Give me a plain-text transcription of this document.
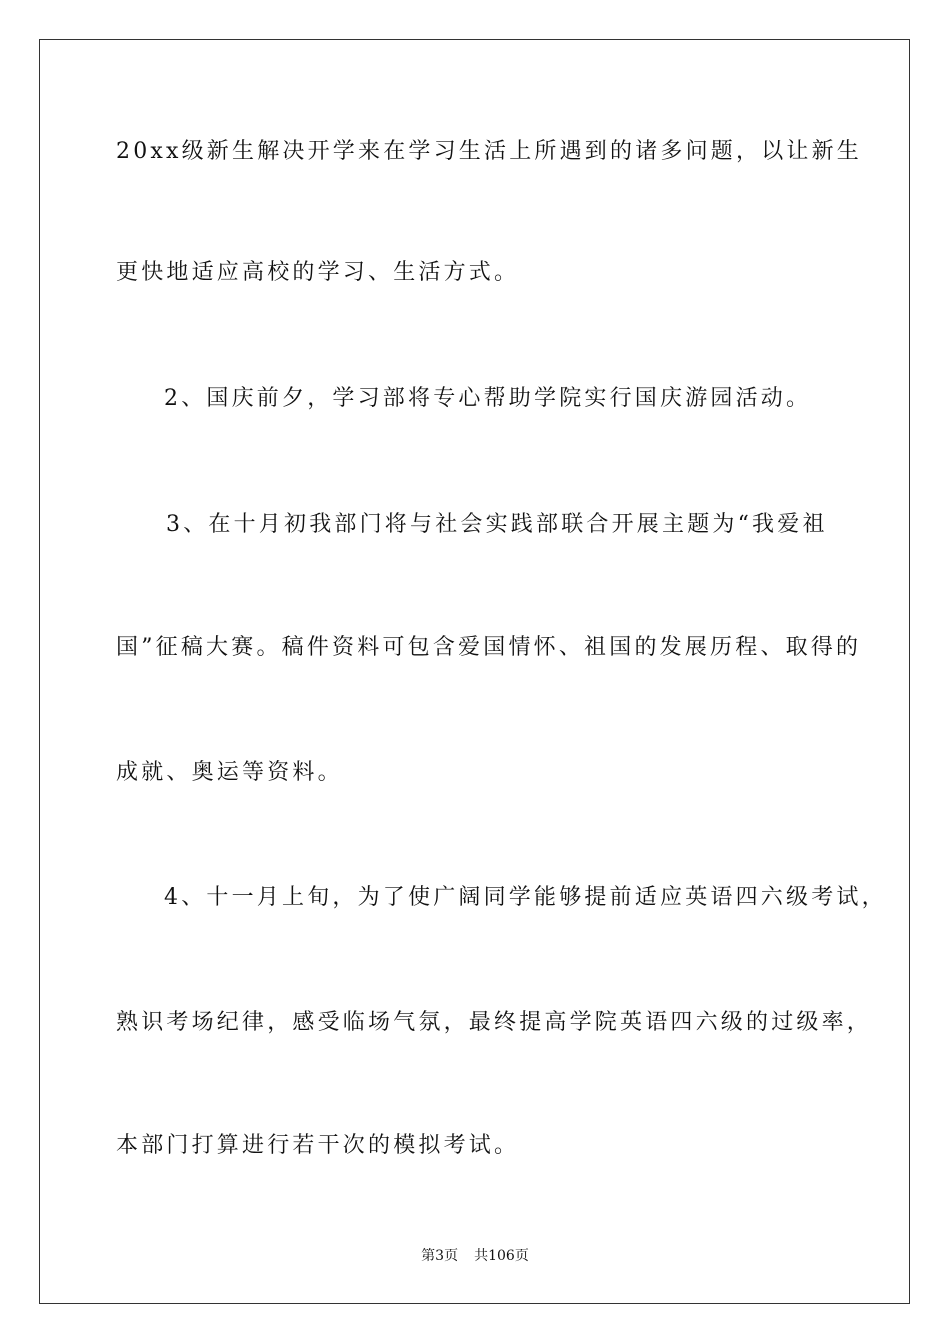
20xx级新生解决开学来在学习生活上所遇到的诸多问题，以让新生
更快地适应高校的学习、生活方式。
2、国庆前夕，学习部将专心帮助学院实行国庆游园活动。
3、在十月初我部门将与社会实践部联合开展主题为“我爱祖
国”征稿大赛。稿件资料可包含爱国情怀、祖国的发展历程、取得的
成就、奥运等资料。
4、十一月上旬，为了使广阔同学能够提前适应英语四六级考试，
熟识考场纪律，感受临场气氛，最终提高学院英语四六级的过级率，
本部门打算进行若干次的模拟考试。
第3页 共106页
